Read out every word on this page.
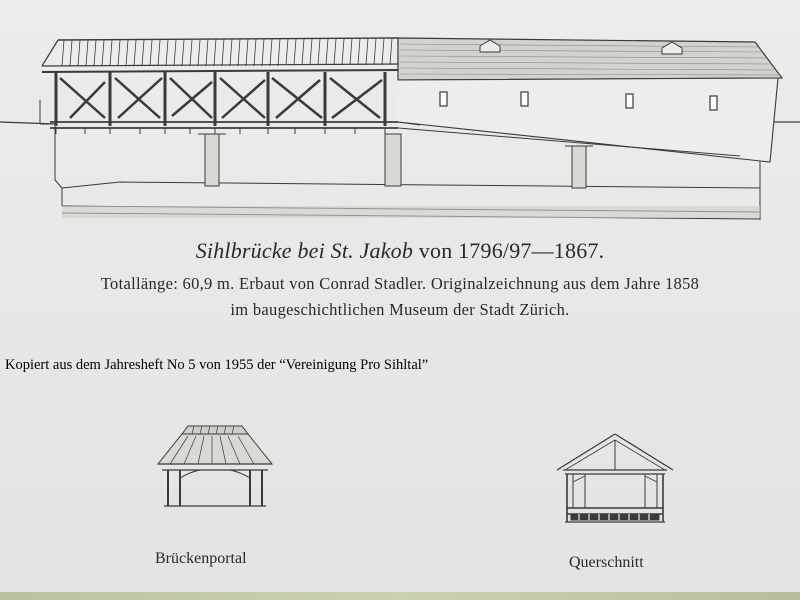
Sihlbrücke bei St. Jakob von 1796/97—1867.
Totallänge: 60,9 m. Erbaut von Conrad Stadler. Originalzeichnung aus dem Jahre 1858
im baugeschichtlichen Museum der Stadt Zürich.
Kopiert aus dem Jahresheft No 5 von 1955 der “Vereinigung Pro Sihltal”
Brückenportal	Querschnitt
